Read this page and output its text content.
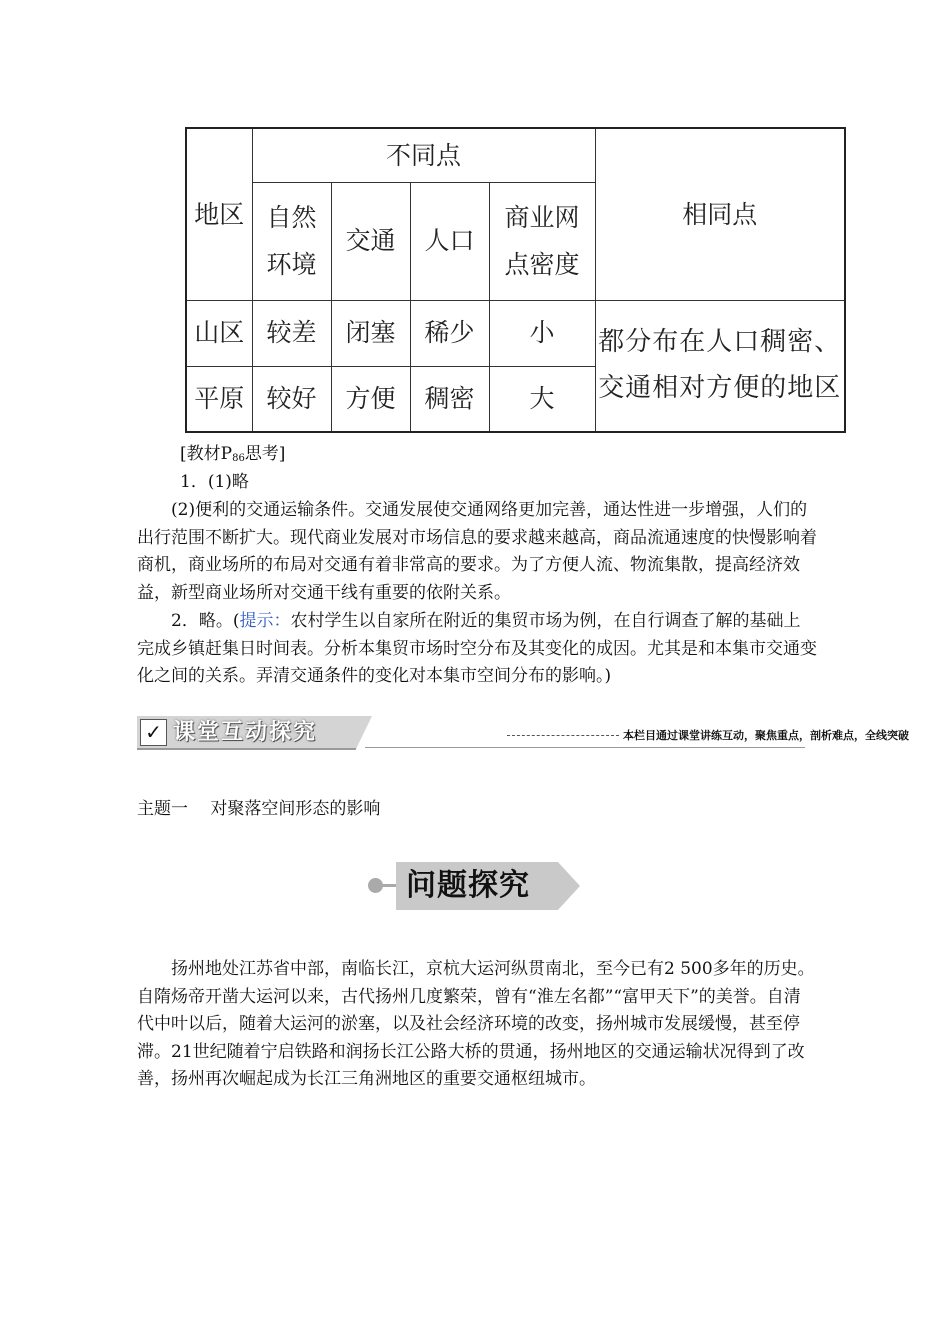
地区	不同点				相同点
	自然环境	交通	人口	商业网点密度	
山区	较差	闭塞	稀少	小	都分布在人口稠密、交通相对方便的地区
平原	较好	方便	稠密	大	
[教材$P_{86}$思考]
1．(1)略
(2)便利的交通运输条件。交通发展使交通网络更加完善，通达性进一步增强，人们的出行范围不断扩大。现代商业发展对市场信息的要求越来越高，商品流通速度的快慢影响着商机，商业场所的布局对交通有着非常高的要求。为了方便人流、物流集散，提高经济效益，新型商业场所对交通干线有重要的依附关系。
2．略。(提示：农村学生以自家所在附近的集贸市场为例，在自行调查了解的基础上完成乡镇赶集日时间表。分析本集贸市场时空分布及其变化的成因。尤其是和本集市交通变化之间的关系。弄清交通条件的变化对本集市空间分布的影响。)
✓ 课堂互动探究	本栏目通过课堂讲练互动，聚焦重点，剖析难点，全线突破
主题一　 对聚落空间形态的影响
问题探究
扬州地处江苏省中部，南临长江，京杭大运河纵贯南北，至今已有2 500多年的历史。自隋炀帝开凿大运河以来，古代扬州几度繁荣，曾有“淮左名都”“富甲天下”的美誉。自清代中叶以后，随着大运河的淤塞，以及社会经济环境的改变，扬州城市发展缓慢，甚至停滞。21世纪随着宁启铁路和润扬长江公路大桥的贯通，扬州地区的交通运输状况得到了改善，扬州再次崛起成为长江三角洲地区的重要交通枢纽城市。
